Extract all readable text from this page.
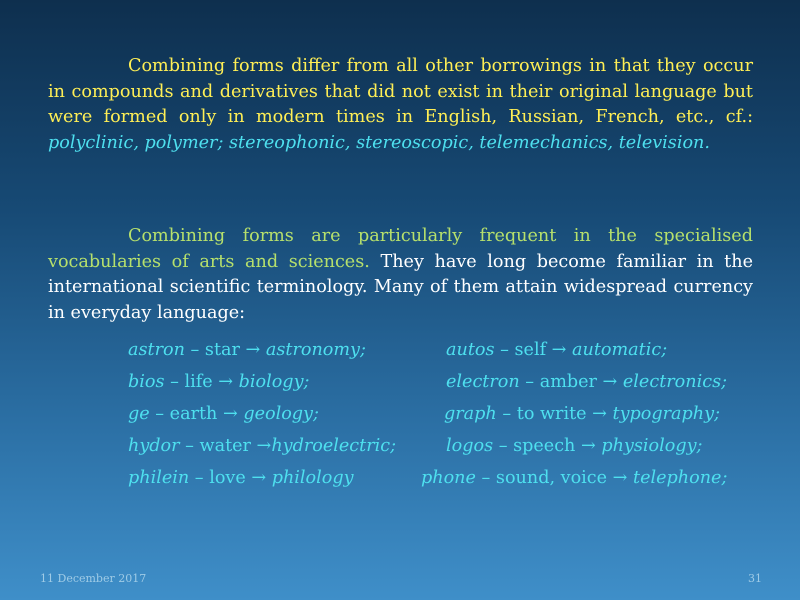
Combining forms differ from all other borrowings in that they occur in compounds and derivatives that did not exist in their original language but were formed only in modern times in English, Russian, French, etc., cf.: polyclinic, polymer; stereophonic, stereoscopic, telemechanics, television.
Combining forms are particularly frequent in the specialised vocabularies of arts and sciences. They have long become familiar in the international scientific terminology. Many of them attain widespread currency in everyday language:
astron – star → astronomy;	autos – self → automatic;
bios – life → biology;	electron – amber → electronics;
ge – earth → geology;	graph – to write → typography;
hydor – water →hydroelectric;	logos – speech → physiology;
philein – love → philology	phone – sound, voice → telephone;
11 December 2017	31
